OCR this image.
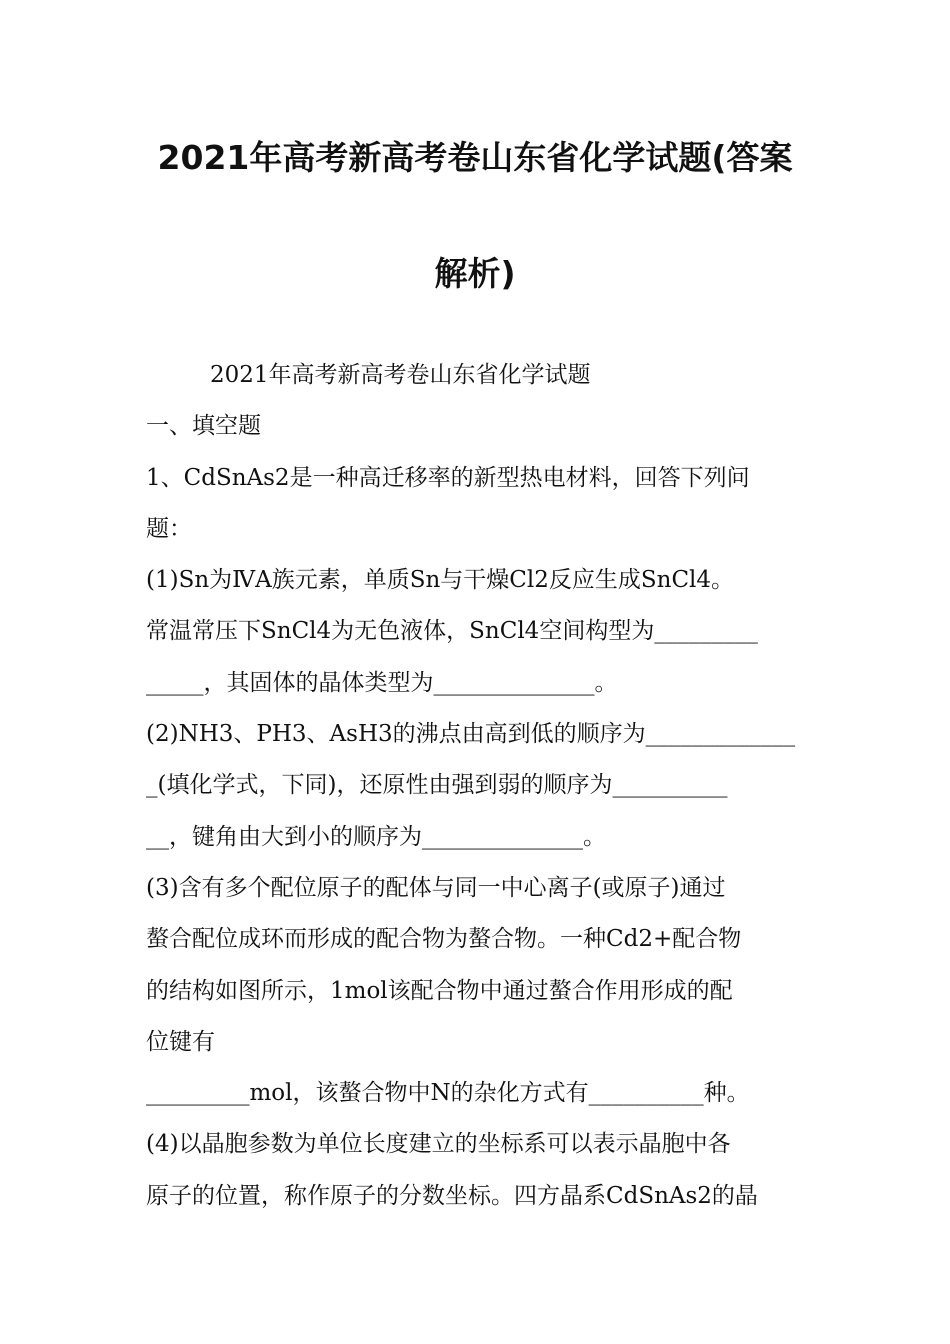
2021年高考新高考卷山东省化学试题(答案
解析)
2021年高考新高考卷山东省化学试题
一、填空题
1、CdSnAs2是一种高迁移率的新型热电材料，回答下列问
题：
(1)Sn为ⅣA族元素，单质Sn与干燥Cl2反应生成SnCl4。
常温常压下SnCl4为无色液体，SnCl4空间构型为_________
_____，其固体的晶体类型为______________。
(2)NH3、PH3、AsH3的沸点由高到低的顺序为_____________
_(填化学式，下同)，还原性由强到弱的顺序为__________
__，键角由大到小的顺序为______________。
(3)含有多个配位原子的配体与同一中心离子(或原子)通过
螯合配位成环而形成的配合物为螯合物。一种Cd2+配合物
的结构如图所示，1mol该配合物中通过螯合作用形成的配
位键有
_________mol，该螯合物中N的杂化方式有__________种。
(4)以晶胞参数为单位长度建立的坐标系可以表示晶胞中各
原子的位置，称作原子的分数坐标。四方晶系CdSnAs2的晶
